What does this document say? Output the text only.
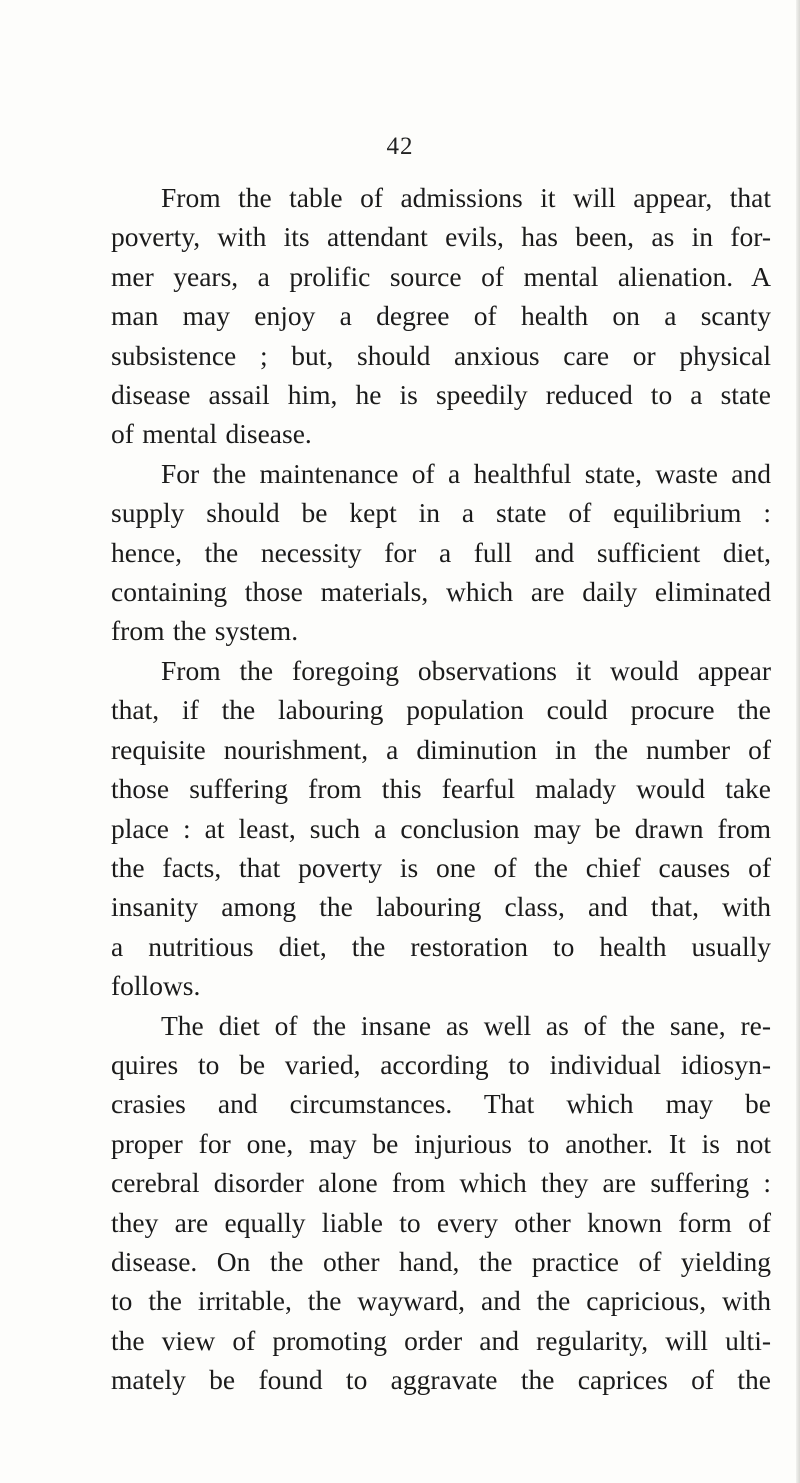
42
From the table of admissions it will appear, that
poverty, with its attendant evils, has been, as in for-
mer years, a prolific source of mental alienation. A
man may enjoy a degree of health on a scanty
subsistence ; but, should anxious care or physical
disease assail him, he is speedily reduced to a state
of mental disease.
For the maintenance of a healthful state, waste and
supply should be kept in a state of equilibrium :
hence, the necessity for a full and sufficient diet,
containing those materials, which are daily eliminated
from the system.
From the foregoing observations it would appear
that, if the labouring population could procure the
requisite nourishment, a diminution in the number of
those suffering from this fearful malady would take
place : at least, such a conclusion may be drawn from
the facts, that poverty is one of the chief causes of
insanity among the labouring class, and that, with
a nutritious diet, the restoration to health usually
follows.
The diet of the insane as well as of the sane, re-
quires to be varied, according to individual idiosyn-
crasies and circumstances. That which may be
proper for one, may be injurious to another. It is not
cerebral disorder alone from which they are suffering :
they are equally liable to every other known form of
disease. On the other hand, the practice of yielding
to the irritable, the wayward, and the capricious, with
the view of promoting order and regularity, will ulti-
mately be found to aggravate the caprices of the
